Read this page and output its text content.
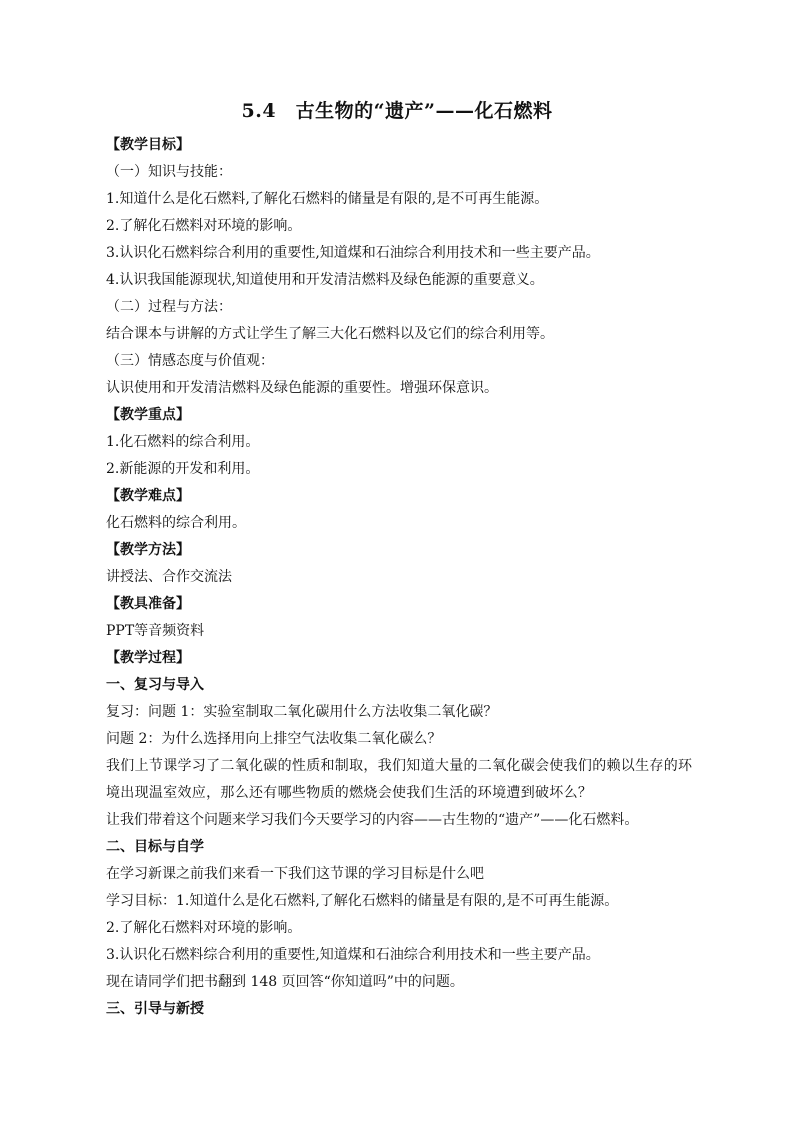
5.4　古生物的“遗产”——化石燃料
【教学目标】
（一）知识与技能：
1.知道什么是化石燃料,了解化石燃料的储量是有限的,是不可再生能源。
2.了解化石燃料对环境的影响。
3.认识化石燃料综合利用的重要性,知道煤和石油综合利用技术和一些主要产品。
4.认识我国能源现状,知道使用和开发清洁燃料及绿色能源的重要意义。
（二）过程与方法：
结合课本与讲解的方式让学生了解三大化石燃料以及它们的综合利用等。
（三）情感态度与价值观：
认识使用和开发清洁燃料及绿色能源的重要性。增强环保意识。
【教学重点】
1.化石燃料的综合利用。
2.新能源的开发和利用。
【教学难点】
化石燃料的综合利用。
【教学方法】
讲授法、合作交流法
【教具准备】
PPT等音频资料
【教学过程】
一、复习与导入
复习：问题 1：实验室制取二氧化碳用什么方法收集二氧化碳？
问题 2：为什么选择用向上排空气法收集二氧化碳么？
我们上节课学习了二氧化碳的性质和制取，我们知道大量的二氧化碳会使我们的赖以生存的环境出现温室效应，那么还有哪些物质的燃烧会使我们生活的环境遭到破坏么？
让我们带着这个问题来学习我们今天要学习的内容——古生物的“遗产”——化石燃料。
二、目标与自学
在学习新课之前我们来看一下我们这节课的学习目标是什么吧
学习目标：1.知道什么是化石燃料,了解化石燃料的储量是有限的,是不可再生能源。
2.了解化石燃料对环境的影响。
3.认识化石燃料综合利用的重要性,知道煤和石油综合利用技术和一些主要产品。
现在请同学们把书翻到 148 页回答“你知道吗”中的问题。
三、引导与新授
